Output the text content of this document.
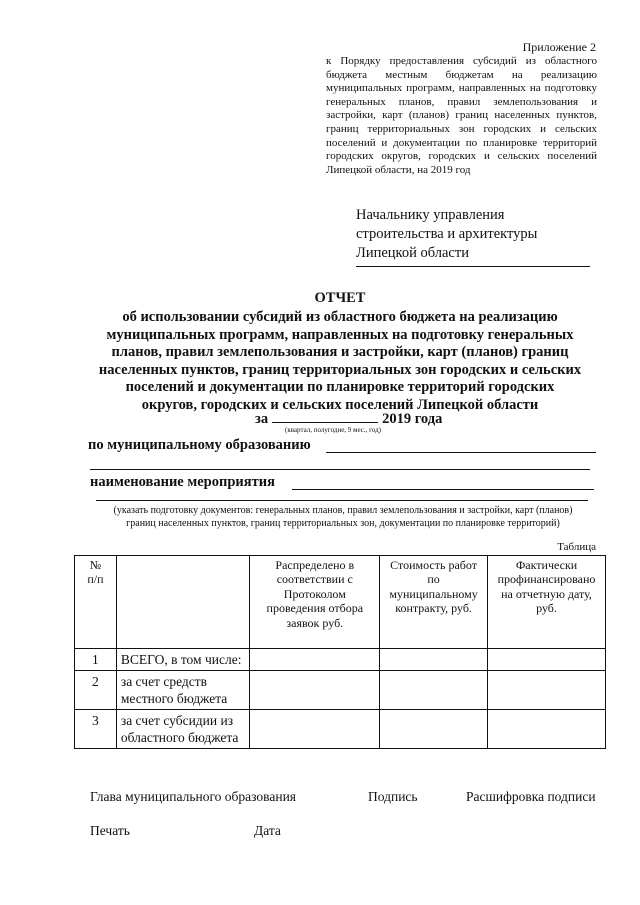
Приложение 2
к Порядку предоставления субсидий из областного бюджета местным бюджетам на реализацию муниципальных программ, направленных на подготовку генеральных планов, правил землепользования и застройки, карт (планов) границ населенных пунктов, границ территориальных зон городских и сельских поселений и документации по планировке территорий городских округов, городских и сельских поселений Липецкой области, на 2019 год
Начальнику управления
строительства и архитектуры
Липецкой области
ОТЧЕТ
об использовании субсидий из областного бюджета на реализацию
муниципальных программ, направленных на подготовку генеральных
планов, правил землепользования и застройки, карт (планов) границ
населенных пунктов, границ территориальных зон городских и сельских
поселений и документации по планировке территорий городских
округов, городских и сельских поселений Липецкой области
за	2019 года
(квартал, полугодие, 9 мес., год)
по муниципальному образованию
наименование мероприятия
(указать подготовку документов: генеральных планов, правил землепользования и застройки, карт (планов)
границ населенных пунктов, границ территориальных зон, документации по планировке территорий)
Таблица
№
п/п		Распределено в соответствии с Протоколом проведения отбора заявок руб.	Стоимость работ по муниципальному контракту, руб.	Фактически профинансировано на отчетную дату, руб.
1	ВСЕГО, в том числе:			
2	за счет средств местного бюджета			
3	за счет субсидии из областного бюджета			
Глава муниципального образования	Подпись	Расшифровка подписи
Печать	Дата
